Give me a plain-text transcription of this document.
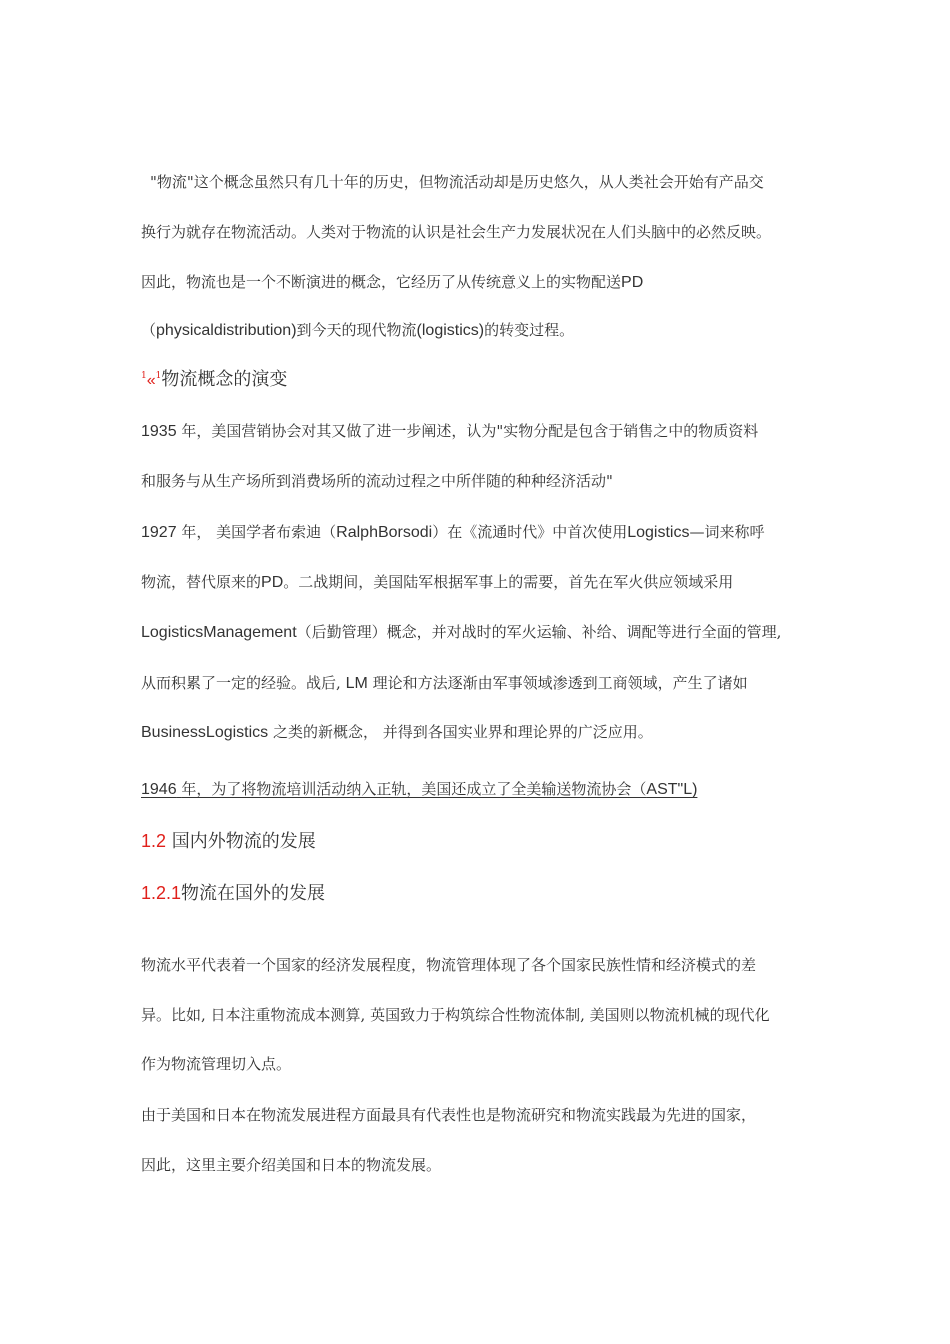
"物流"这个概念虽然只有几十年的历史，但物流活动却是历史悠久，从人类社会开始有产品交
换行为就存在物流活动。人类对于物流的认识是社会生产力发展状况在人们头脑中的必然反映。
因此，物流也是一个不断演进的概念，它经历了从传统意义上的实物配送PD
（physicaldistribution)到今天的现代物流(logistics)的转变过程。
$^1$«$^1$物流概念的演变
1935 年，美国营销协会对其又做了进一步阐述，认为"实物分配是包含于销售之中的物质资料
和服务与从生产场所到消费场所的流动过程之中所伴随的种种经济活动"
1927 年， 美国学者布索迪（RalphBorsodi）在《流通时代》中首次使用Logistics—词来称呼
物流，替代原来的PD。二战期间，美国陆军根据军事上的需要，首先在军火供应领域采用
LogisticsManagement（后勤管理）概念，并对战时的军火运输、补给、调配等进行全面的管理,
从而积累了一定的经验。战后, LM 理论和方法逐渐由军事领域渗透到工商领域，产生了诸如
BusinessLogistics 之类的新概念， 并得到各国实业界和理论界的广泛应用。
1946 年，为了将物流培训活动纳入正轨，美国还成立了全美输送物流协会（AST"L)
1.2 国内外物流的发展
1.2.1物流在国外的发展
物流水平代表着一个国家的经济发展程度，物流管理体现了各个国家民族性情和经济模式的差
异。比如, 日本注重物流成本测算, 英国致力于构筑综合性物流体制, 美国则以物流机械的现代化
作为物流管理切入点。
由于美国和日本在物流发展进程方面最具有代表性也是物流研究和物流实践最为先进的国家，
因此，这里主要介绍美国和日本的物流发展。
